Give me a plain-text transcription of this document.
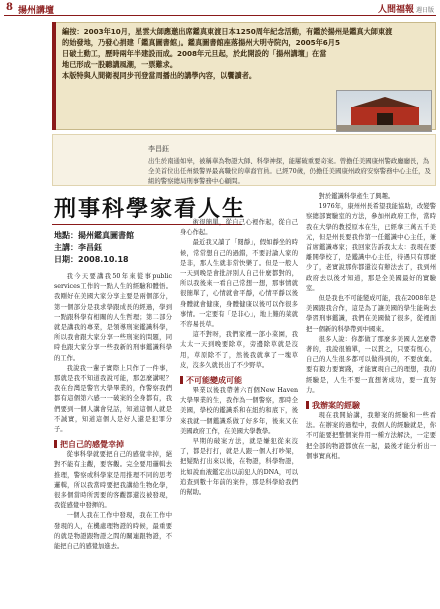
8 揚州講壇	人間福報 週日版

編按：2003年10月，星雲大師應邀出席鑑真東渡日本1250周年紀念活動，有鑑於揚州是鑑真大師東渡

的始發地，乃發心捐建「鑑真圖書館」。鑑真圖書館座落揚州大明寺院內，2005年6月5

日破土動工，歷時兩年半建設而成。2008年元旦起，於此開設的「揚州講壇」在當

地已形成一股聽講風潮，一票難求。

本版特與人間衛視同步刊登當周播出的講學內容，以饗讀者。

李昌鈺
出生於南通如皋，被稱華為物證大師、科學神探，能屢破重要奇案。曾擔任美國康州警政廳廳長，為全美首位出任州級警界最高職位的華裔官員。已經70歲，仍擔任美國康州政府安察警務中心主任，及組的警察總局刑事警務中心顧問。
刑事科學家看人生
地點：揚州鑑真圖書館
主講：李昌鈺
日期：2008.10.18

我今天要講我50年來從事public services工作的一點人生的經驗和體悟。我剛好在美國大家分享主要是兩個部分，第一個部分是我求學跟成長的經過，學到一點跟科學有相關的人生哲理；第二部分就是講我的專業，是領導刑案鑑識科學，所以我會跟大家分享一些刑案的問題，同時也跟大家分享一些我新的刑事鑑識科學的工作。

我說我一輩子實際上只作了一件事，那就是我不知道我說可能，那怎麼講呢？我在台灣是警官大學畢業的，作警察我們都有這個第六感一一破案的全身都有，我們要到一個人講會兒話，知道這個人就是不誠實，知道這個人是好人還是犯罪分子。

把自己的感覺幸掉

從事科學就要把自己的感覺幸掉，絕對不能有主觀，要客觀。完全要用邏輯去推理，警察或科學家是用推理不同的思考邏輯，所以我當時要把我講給生物化學，很多個當時所需要的客觀都還沒被發現，我從感覺中發揮的。

一個人我在工作中發現，我在工作中發現的人，在機處理物證的時候，最重要的就是物證跟物證之間的關連跟物證，不能把自己的感覺加進去。

術很簡單，從自己心裡作起，從自己身心作起。

最近我又讀了「閱靜」，假如靜坐的時候，常常想自己的過錯，不要討論人家的是非，那人生就非常快樂了。但是一般人一天到晚是會批評別人自己什麼都對的，所以我後來一看自己常想一想，那事情就很簡單了，心情就會平靜，心情平靜以後身體就會健康，身體健康以後可以作很多事情。一定要有「是非心」，地上難的菜就不容易長草。

這不對呀，我們家裡一部小菜園，我太太一天到晚要除草，旁邊除草就是沒用，草原除不了，然後我就拿了一塊草皮，沒多久就長出了不少野草。

不可能變成可能

畢業以後我帶著六百個New Haven大學畢業的生，我作為一個警察，那時全美國，學校的鑑識系和在紐約和底下，後來我就一個鑑識系做了好多年，後來又在美國政府工作，在美國大學教學。

早期的破案方法，就是嫌犯從來沒了，都是打打，就是人跟一個人打吵架，把疑點打出來以後，在物證，科學物證，比如說血液鑑定出以前犯人的DNA，可以追查到數十年前的案件，那是科學給我們的幫助。

對於鑑識科學產生了興趣。

1976年，康州州長希望我能協助，改變警察總部實驗室的方法，參加州政府工作，當時我在大學的教授原本在生，已經拿三萬五千美元，但是州長要我作第一任鑑識中心主任，兼首席鑑識專家；我回家告訴我太太：我現在要離開學校了，是鑑識中心主任，待遇只有那麼少了，老實說那你都還沒有辦法去了，我到州政府去以後才知道，那是全美國最好的實驗室。

但是我也不可能變成可能，我在2008年是美國跟我合作，這是為了讓美國的學生能夠去學習刑事鑑識，我們在美國做了很多，從裡面把一個新的科學帶到中國來。

很多人說：你都做了那麼多美國人怎麼帶著的，我說很簡單，一以貫之，只要有恆心，自己的人生很多都可以做得到的，不要放棄。要有毅力要實踐，才能實現自己的理想，我的經驗是，人生不要一直想著成功，要一直努力。

我辦案的經驗

現在我開始講，我辦案的經驗和一些看法。在辦案的過程中，我個人的經驗就是，你不可能要把整個案件用一種方法解決，一定要把全部的物證都放在一起，最後才能分析出一個事實真相。
